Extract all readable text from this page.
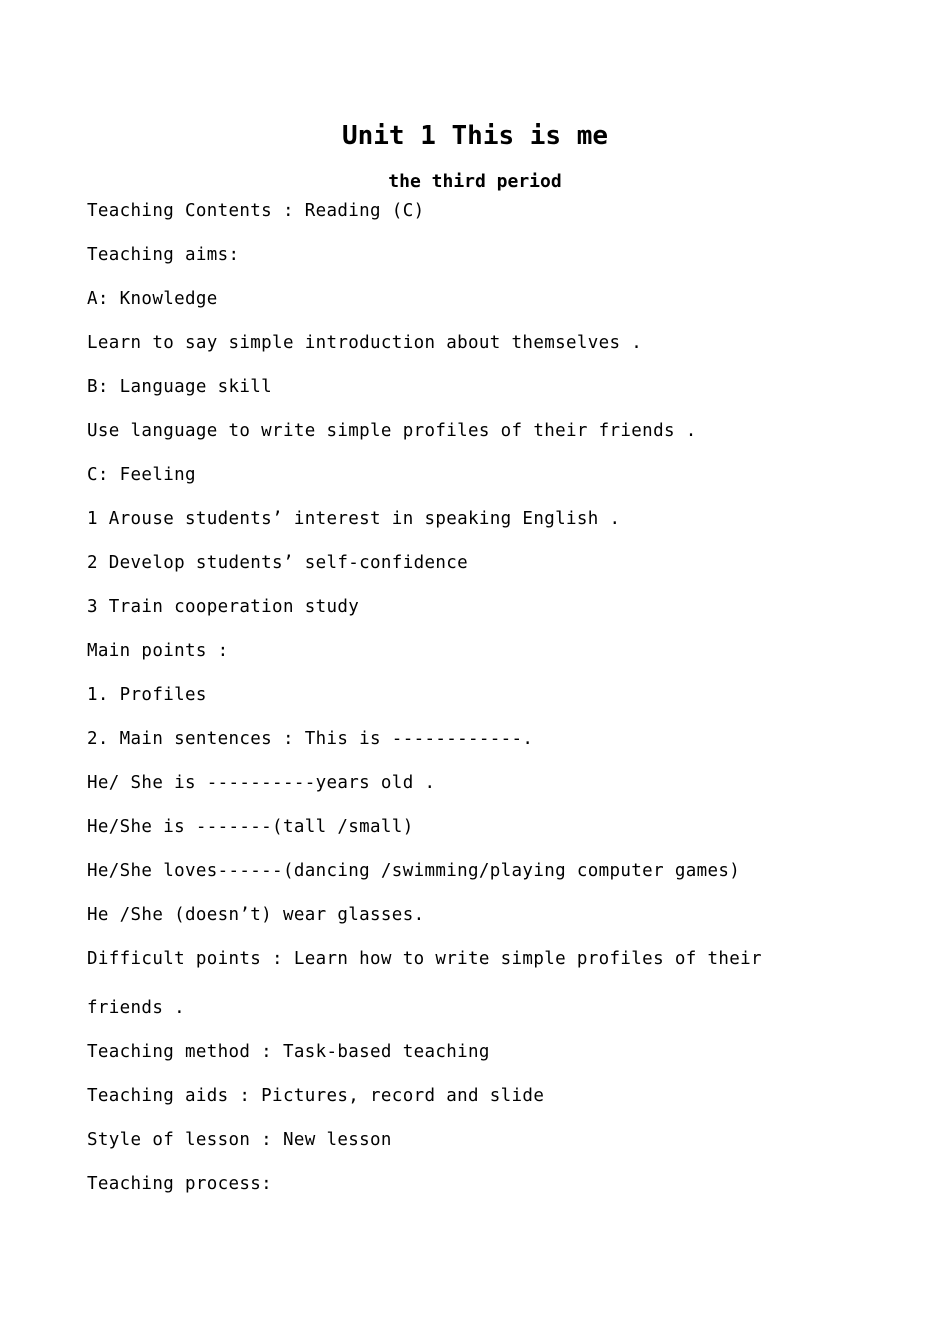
Unit 1 This is me
the third period
Teaching Contents : Reading (C)
Teaching aims:
A: Knowledge
Learn to say simple introduction about themselves .
B: Language skill
Use language to write simple profiles of their friends .
C: Feeling
1 Arouse students’ interest in speaking English .
2 Develop students’ self-confidence
3 Train cooperation study
Main points :
1. Profiles
2. Main sentences : This is ------------.
He/ She is ----------years old .
He/She is -------(tall /small)
He/She loves------(dancing /swimming/playing computer games)
He /She (doesn’t) wear glasses.
Difficult points : Learn how to write simple profiles of their
friends .
Teaching method : Task-based teaching
Teaching aids : Pictures, record and slide
Style of lesson : New lesson
Teaching process:
